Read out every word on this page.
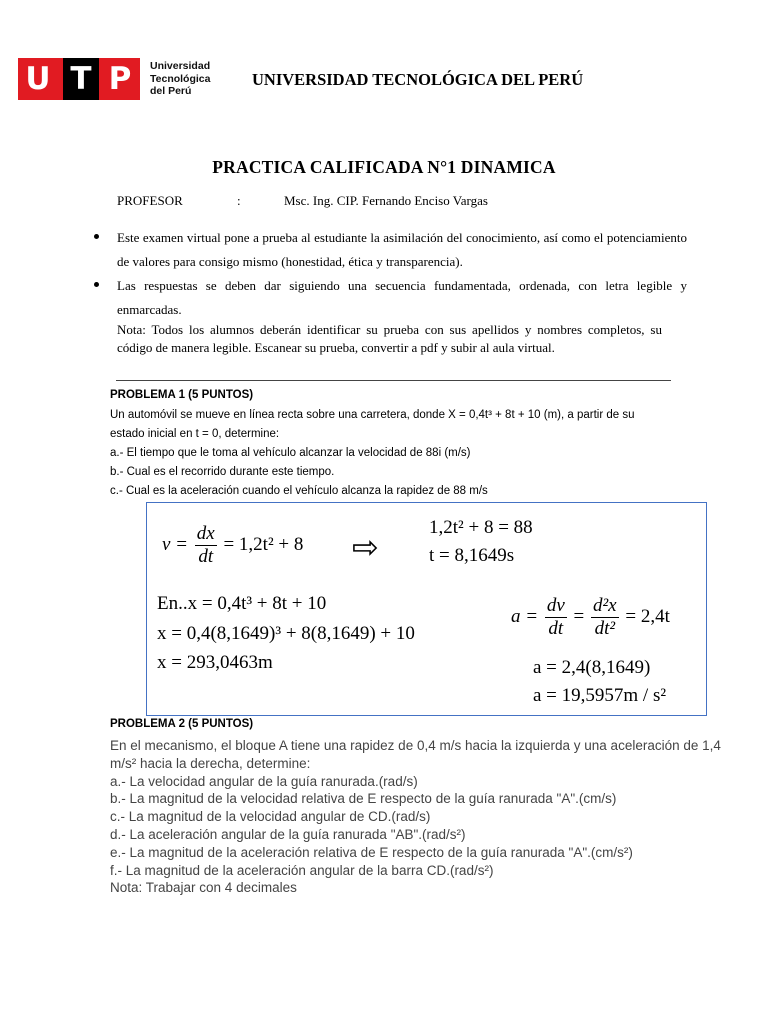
U T P Universidad
Tecnológica
del Perú
UNIVERSIDAD TECNOLÓGICA DEL PERÚ
PRACTICA CALIFICADA N°1 DINAMICA
PROFESOR	:	Msc. Ing. CIP. Fernando Enciso Vargas
Este examen virtual pone a prueba al estudiante la asimilación del conocimiento, así como el potenciamiento de valores para consigo mismo (honestidad, ética y transparencia).
Las respuestas se deben dar siguiendo una secuencia fundamentada, ordenada, con letra legible y enmarcadas.
Nota: Todos los alumnos deberán identificar su prueba con sus apellidos y nombres completos, su código de manera legible. Escanear su prueba, convertir a pdf y subir al aula virtual.
PROBLEMA 1 (5 PUNTOS)
Un automóvil se mueve en línea recta sobre una carretera, donde X = 0,4t³ + 8t + 10 (m), a partir de su
estado inicial en t = 0, determine:
a.- El tiempo que le toma al vehículo alcanzar la velocidad de 88i (m/s)
b.- Cual es el recorrido durante este tiempo.
c.- Cual es la aceleración cuando el vehículo alcanza la rapidez de 88 m/s
$v = \frac{dx}{dt} = 1,2t^2 + 8$ ⇨
1,2t² + 8 = 88
t = 8,1649s
En..x = 0,4t³ + 8t + 10
x = 0,4(8,1649)³ + 8(8,1649) + 10
x = 293,0463m
$a = \frac{dv}{dt} = \frac{\text{d²x}}{\text{dt²}} = 2,4t$
a = 2,4(8,1649)
a = 19,5957m / s²
PROBLEMA 2 (5 PUNTOS)
En el mecanismo, el bloque A tiene una rapidez de 0,4 m/s hacia la izquierda y una aceleración de 1,4
m/s² hacia la derecha, determine:
a.- La velocidad angular de la guía ranurada.(rad/s)
b.- La magnitud de la velocidad relativa de E respecto de la guía ranurada "A".(cm/s)
c.- La magnitud de la velocidad angular de CD.(rad/s)
d.- La aceleración angular de la guía ranurada "AB".(rad/s²)
e.- La magnitud de la aceleración relativa de E respecto de la guía ranurada "A".(cm/s²)
f.- La magnitud de la aceleración angular de la barra CD.(rad/s²)
Nota: Trabajar con 4 decimales
